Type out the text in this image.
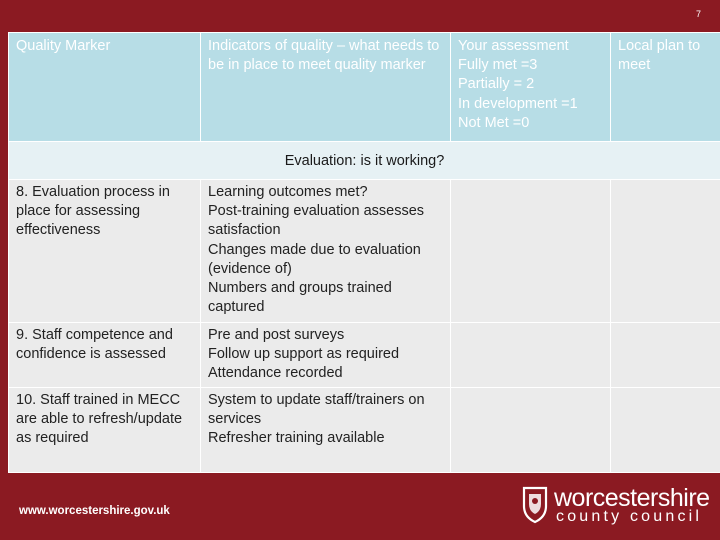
7
Quality Marker	Indicators of quality – what needs to be in place to meet quality marker	Your assessment
Fully met =3
Partially = 2
In development =1
Not Met =0	Local plan to meet

Evaluation: is it working?			
8. Evaluation process in place for assessing effectiveness	Learning outcomes met?
Post-training evaluation assesses satisfaction
Changes made due to evaluation (evidence of)
Numbers and groups trained captured		

9. Staff competence and confidence is assessed	Pre and post surveys
Follow up support as required
Attendance recorded		

10. Staff trained in MECC are able to refresh/update as required	System to update staff/trainers on services
Refresher training available		

www.worcestershire.gov.uk	worcestershire
county council
